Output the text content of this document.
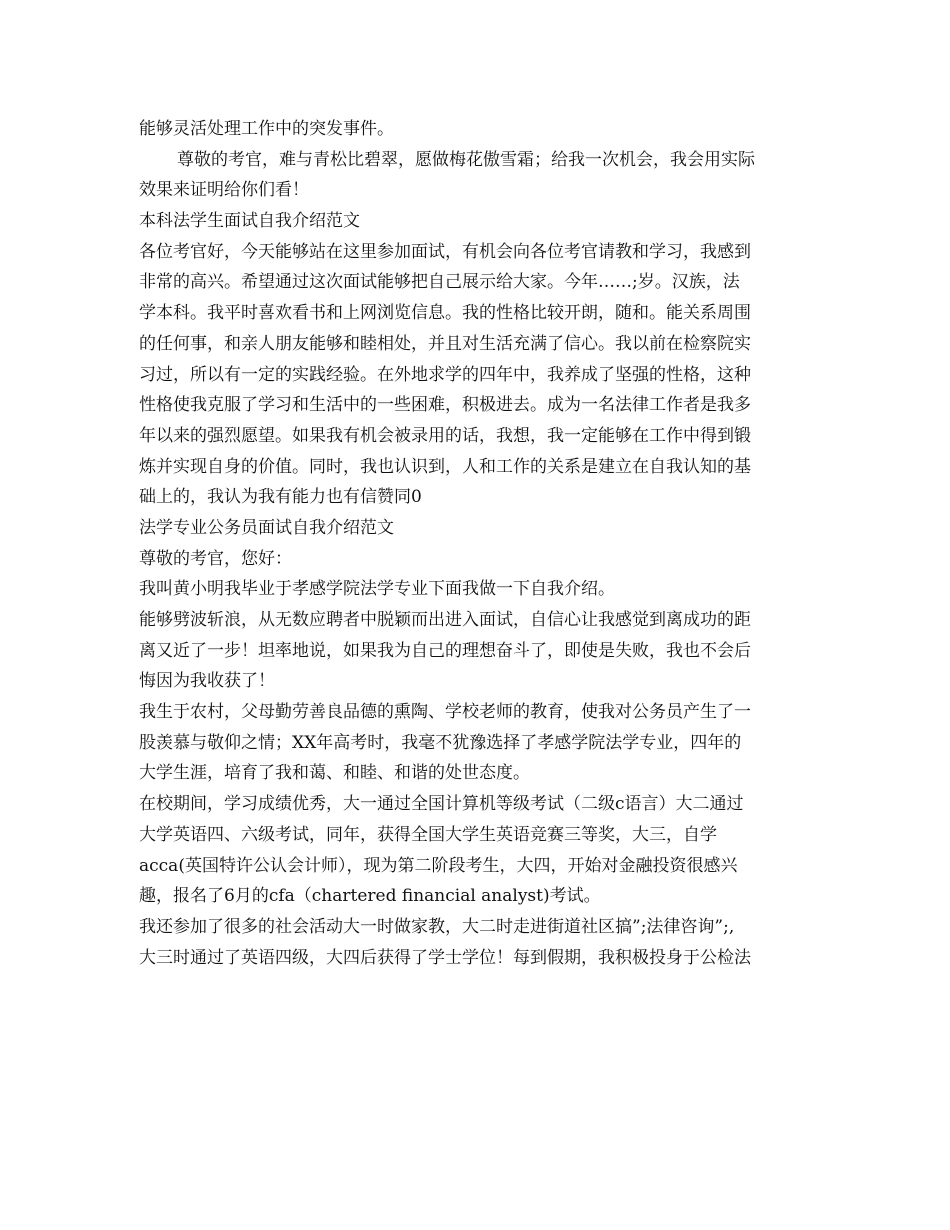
能够灵活处理工作中的突发事件。
尊敬的考官，难与青松比碧翠，愿做梅花傲雪霜；给我一次机会，我会用实际
效果来证明给你们看！
本科法学生面试自我介绍范文
各位考官好，今天能够站在这里参加面试，有机会向各位考官请教和学习，我感到
非常的高兴。希望通过这次面试能够把自己展示给大家。今年……;岁。汉族，法
学本科。我平时喜欢看书和上网浏览信息。我的性格比较开朗，随和。能关系周围
的任何事，和亲人朋友能够和睦相处，并且对生活充满了信心。我以前在检察院实
习过，所以有一定的实践经验。在外地求学的四年中，我养成了坚强的性格，这种
性格使我克服了学习和生活中的一些困难，积极进去。成为一名法律工作者是我多
年以来的强烈愿望。如果我有机会被录用的话，我想，我一定能够在工作中得到锻
炼并实现自身的价值。同时，我也认识到，人和工作的关系是建立在自我认知的基
础上的，我认为我有能力也有信赞同0
法学专业公务员面试自我介绍范文
尊敬的考官，您好：
我叫黄小明我毕业于孝感学院法学专业下面我做一下自我介绍。
能够劈波斩浪，从无数应聘者中脱颖而出进入面试，自信心让我感觉到离成功的距
离又近了一步！坦率地说，如果我为自己的理想奋斗了，即使是失败，我也不会后
悔因为我收获了！
我生于农村，父母勤劳善良品德的熏陶、学校老师的教育，使我对公务员产生了一
股羡慕与敬仰之情；XX年高考时，我毫不犹豫选择了孝感学院法学专业，四年的
大学生涯，培育了我和蔼、和睦、和谐的处世态度。
在校期间，学习成绩优秀，大一通过全国计算机等级考试（二级c语言）大二通过
大学英语四、六级考试，同年，获得全国大学生英语竞赛三等奖，大三，自学
acca(英国特许公认会计师），现为第二阶段考生，大四，开始对金融投资很感兴
趣，报名了6月的cfa（chartered financial analyst)考试。
我还参加了很多的社会活动大一时做家教，大二时走进街道社区搞”;法律咨询”;,
大三时通过了英语四级，大四后获得了学士学位！每到假期，我积极投身于公检法
